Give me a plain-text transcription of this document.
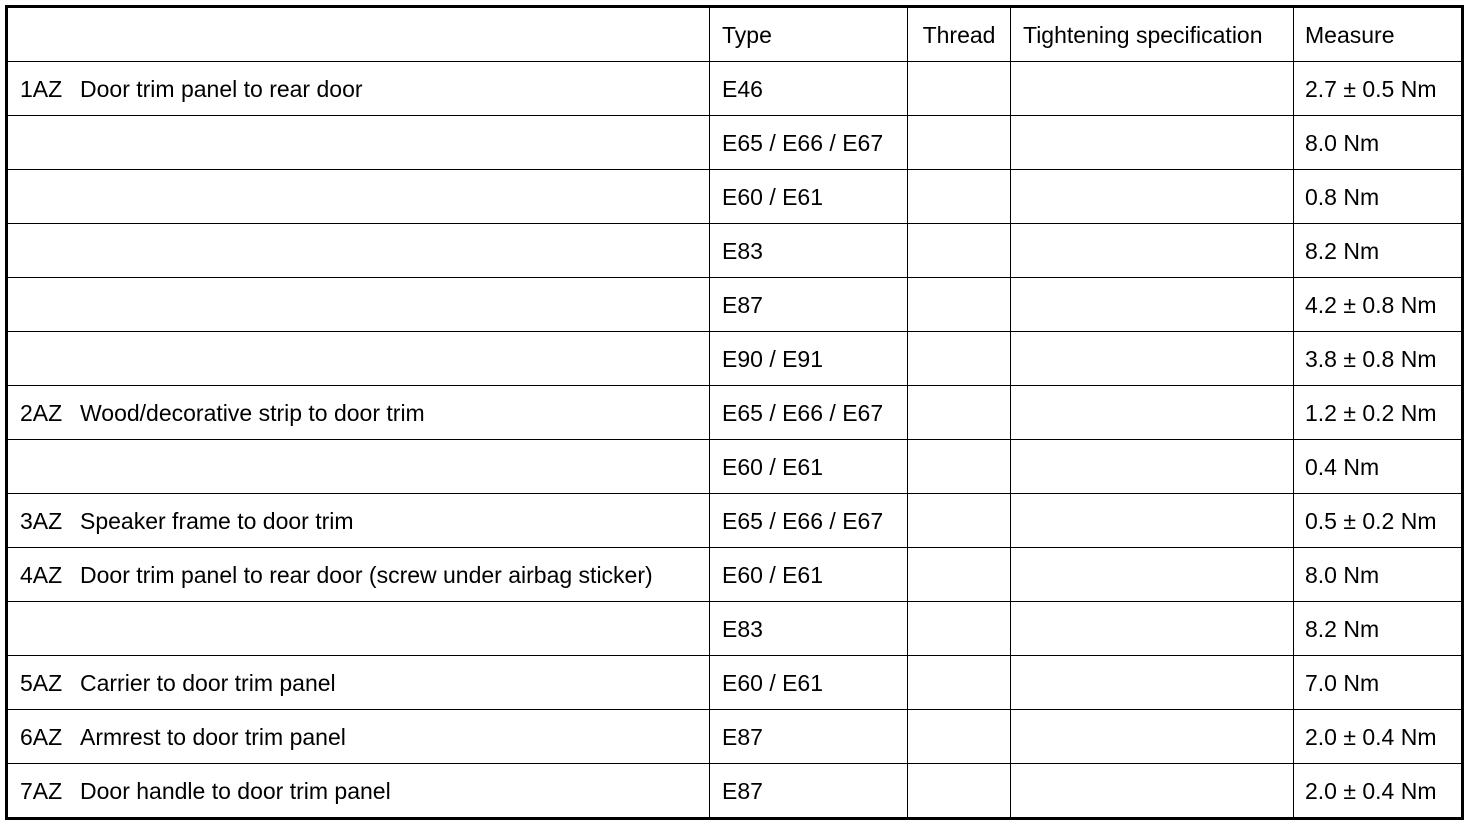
	Type	Thread	Tightening specification	Measure
1AZ Door trim panel to rear door	E46			2.7 ± 0.5 Nm
	E65 / E66 / E67			8.0 Nm
	E60 / E61			0.8 Nm
	E83			8.2 Nm
	E87			4.2 ± 0.8 Nm
	E90 / E91			3.8 ± 0.8 Nm
2AZ Wood/decorative strip to door trim	E65 / E66 / E67			1.2 ± 0.2 Nm
	E60 / E61			0.4 Nm
3AZ Speaker frame to door trim	E65 / E66 / E67			0.5 ± 0.2 Nm
4AZ Door trim panel to rear door (screw under airbag sticker)	E60 / E61			8.0 Nm
	E83			8.2 Nm
5AZ Carrier to door trim panel	E60 / E61			7.0 Nm
6AZ Armrest to door trim panel	E87			2.0 ± 0.4 Nm
7AZ Door handle to door trim panel	E87			2.0 ± 0.4 Nm
